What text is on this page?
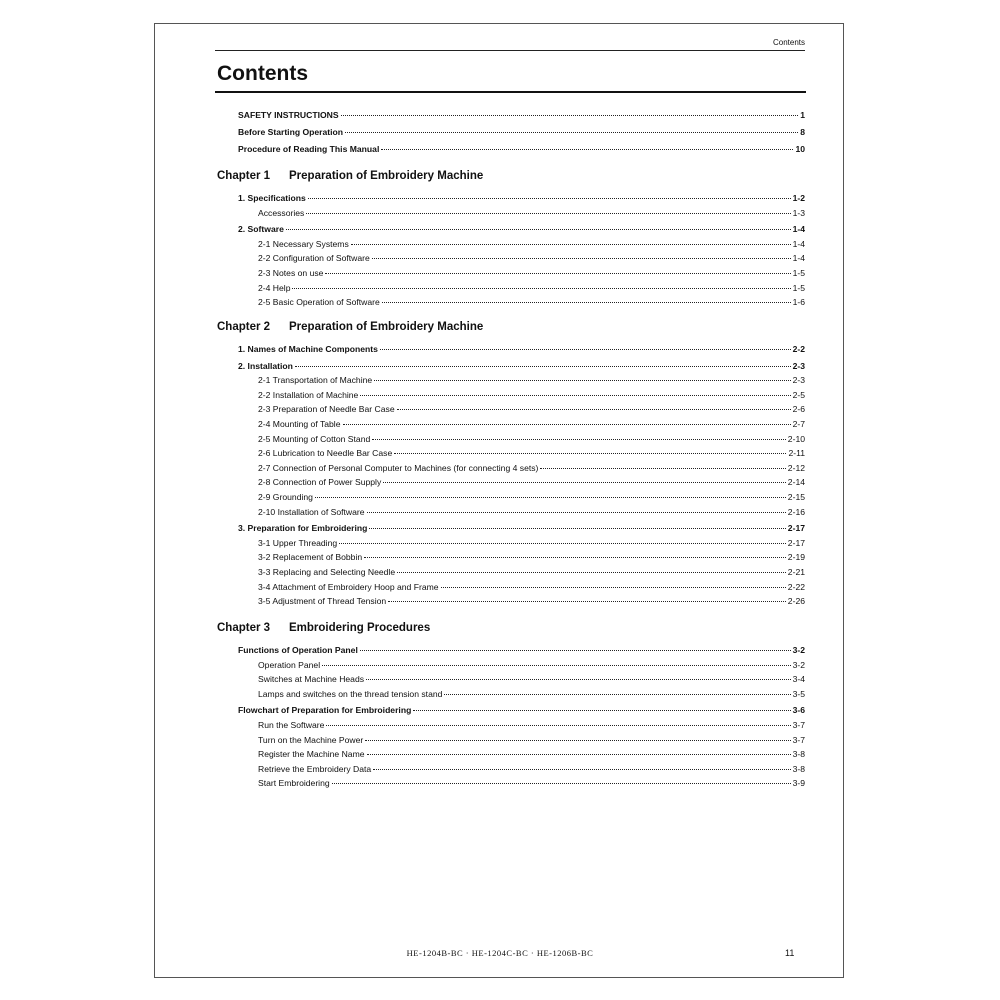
Contents
Contents
SAFETY INSTRUCTIONS	1
Before Starting Operation	8
Procedure of Reading This Manual	10
Chapter 1 Preparation of Embroidery Machine
1. Specifications	1-2
Accessories	1-3
2. Software	1-4
2-1 Necessary Systems	1-4
2-2 Configuration of Software	1-4
2-3 Notes on use	1-5
2-4 Help	1-5
2-5 Basic Operation of Software	1-6
Chapter 2 Preparation of Embroidery Machine
1. Names of Machine Components	2-2
2. Installation	2-3
2-1 Transportation of Machine	2-3
2-2 Installation of Machine	2-5
2-3 Preparation of Needle Bar Case	2-6
2-4 Mounting of Table	2-7
2-5 Mounting of Cotton Stand	2-10
2-6 Lubrication to Needle Bar Case	2-11
2-7 Connection of Personal Computer to Machines (for connecting 4 sets)	2-12
2-8 Connection of Power Supply	2-14
2-9 Grounding	2-15
2-10 Installation of Software	2-16
3. Preparation for Embroidering	2-17
3-1 Upper Threading	2-17
3-2 Replacement of Bobbin	2-19
3-3 Replacing and Selecting Needle	2-21
3-4 Attachment of Embroidery Hoop and Frame	2-22
3-5 Adjustment of Thread Tension	2-26
Chapter 3 Embroidering Procedures
Functions of Operation Panel	3-2
Operation Panel	3-2
Switches at Machine Heads	3-4
Lamps and switches on the thread tension stand	3-5
Flowchart of Preparation for Embroidering	3-6
Run the Software	3-7
Turn on the Machine Power	3-7
Register the Machine Name	3-8
Retrieve the Embroidery Data	3-8
Start Embroidering	3-9
HE-1204B-BC · HE-1204C-BC · HE-1206B-BC	11
